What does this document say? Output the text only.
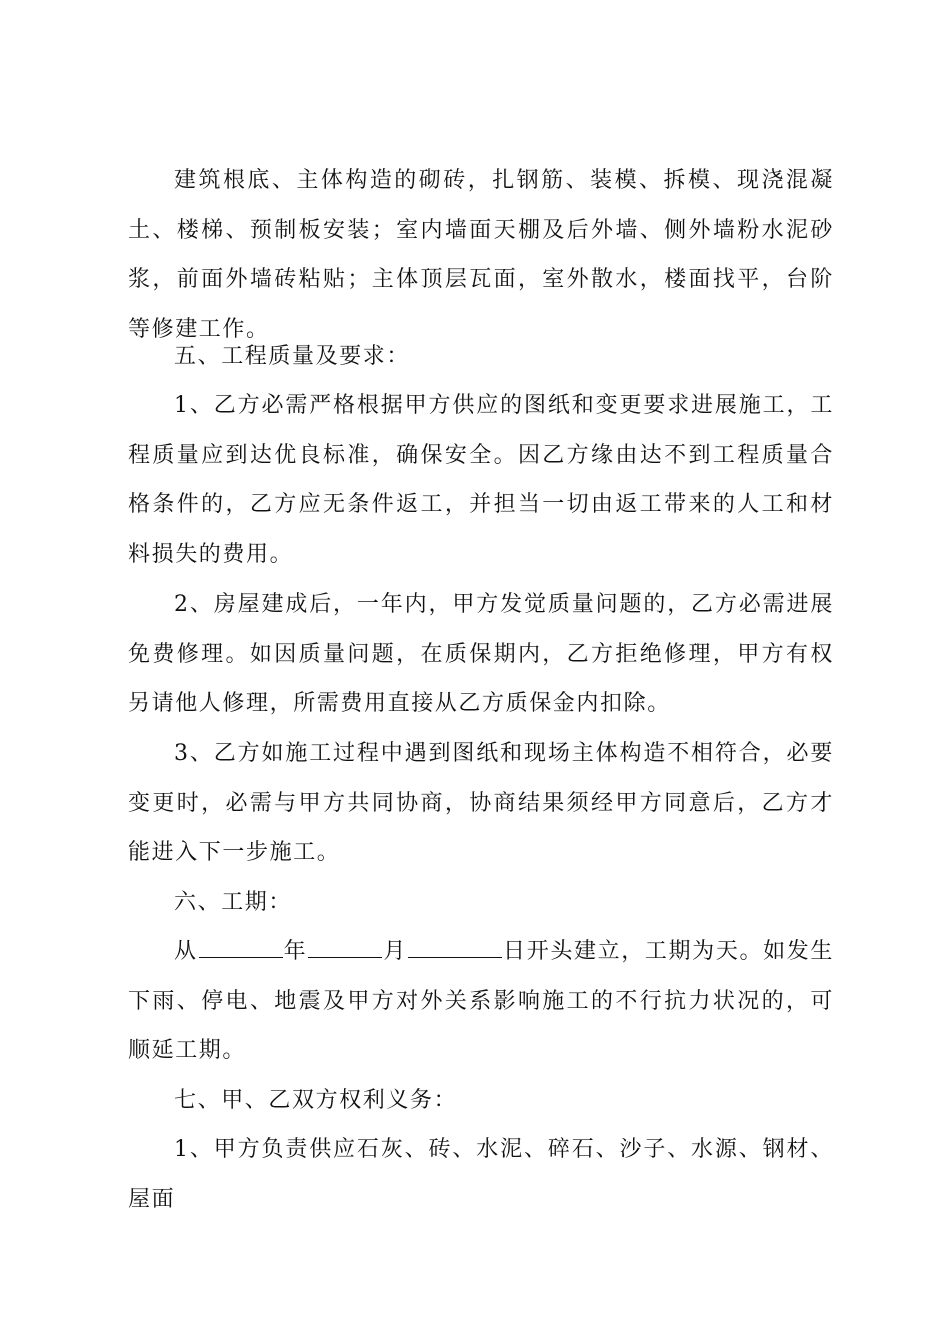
建筑根底、主体构造的砌砖，扎钢筋、装模、拆模、现浇混凝土、楼梯、预制板安装；室内墙面天棚及后外墙、侧外墙粉水泥砂浆，前面外墙砖粘贴；主体顶层瓦面，室外散水，楼面找平，台阶等修建工作。

五、工程质量及要求：

1、乙方必需严格根据甲方供应的图纸和变更要求进展施工，工程质量应到达优良标准，确保安全。因乙方缘由达不到工程质量合格条件的，乙方应无条件返工，并担当一切由返工带来的人工和材料损失的费用。

2、房屋建成后，一年内，甲方发觉质量问题的，乙方必需进展免费修理。如因质量问题，在质保期内，乙方拒绝修理，甲方有权另请他人修理，所需费用直接从乙方质保金内扣除。

3、乙方如施工过程中遇到图纸和现场主体构造不相符合，必要变更时，必需与甲方共同协商，协商结果须经甲方同意后，乙方才能进入下一步施工。

六、工期：

从	年	月	日开头建立，工期为天。如发生下雨、停电、地震及甲方对外关系影响施工的不行抗力状况的，可顺延工期。

七、甲、乙双方权利义务：

1、甲方负责供应石灰、砖、水泥、碎石、沙子、水源、钢材、屋面
